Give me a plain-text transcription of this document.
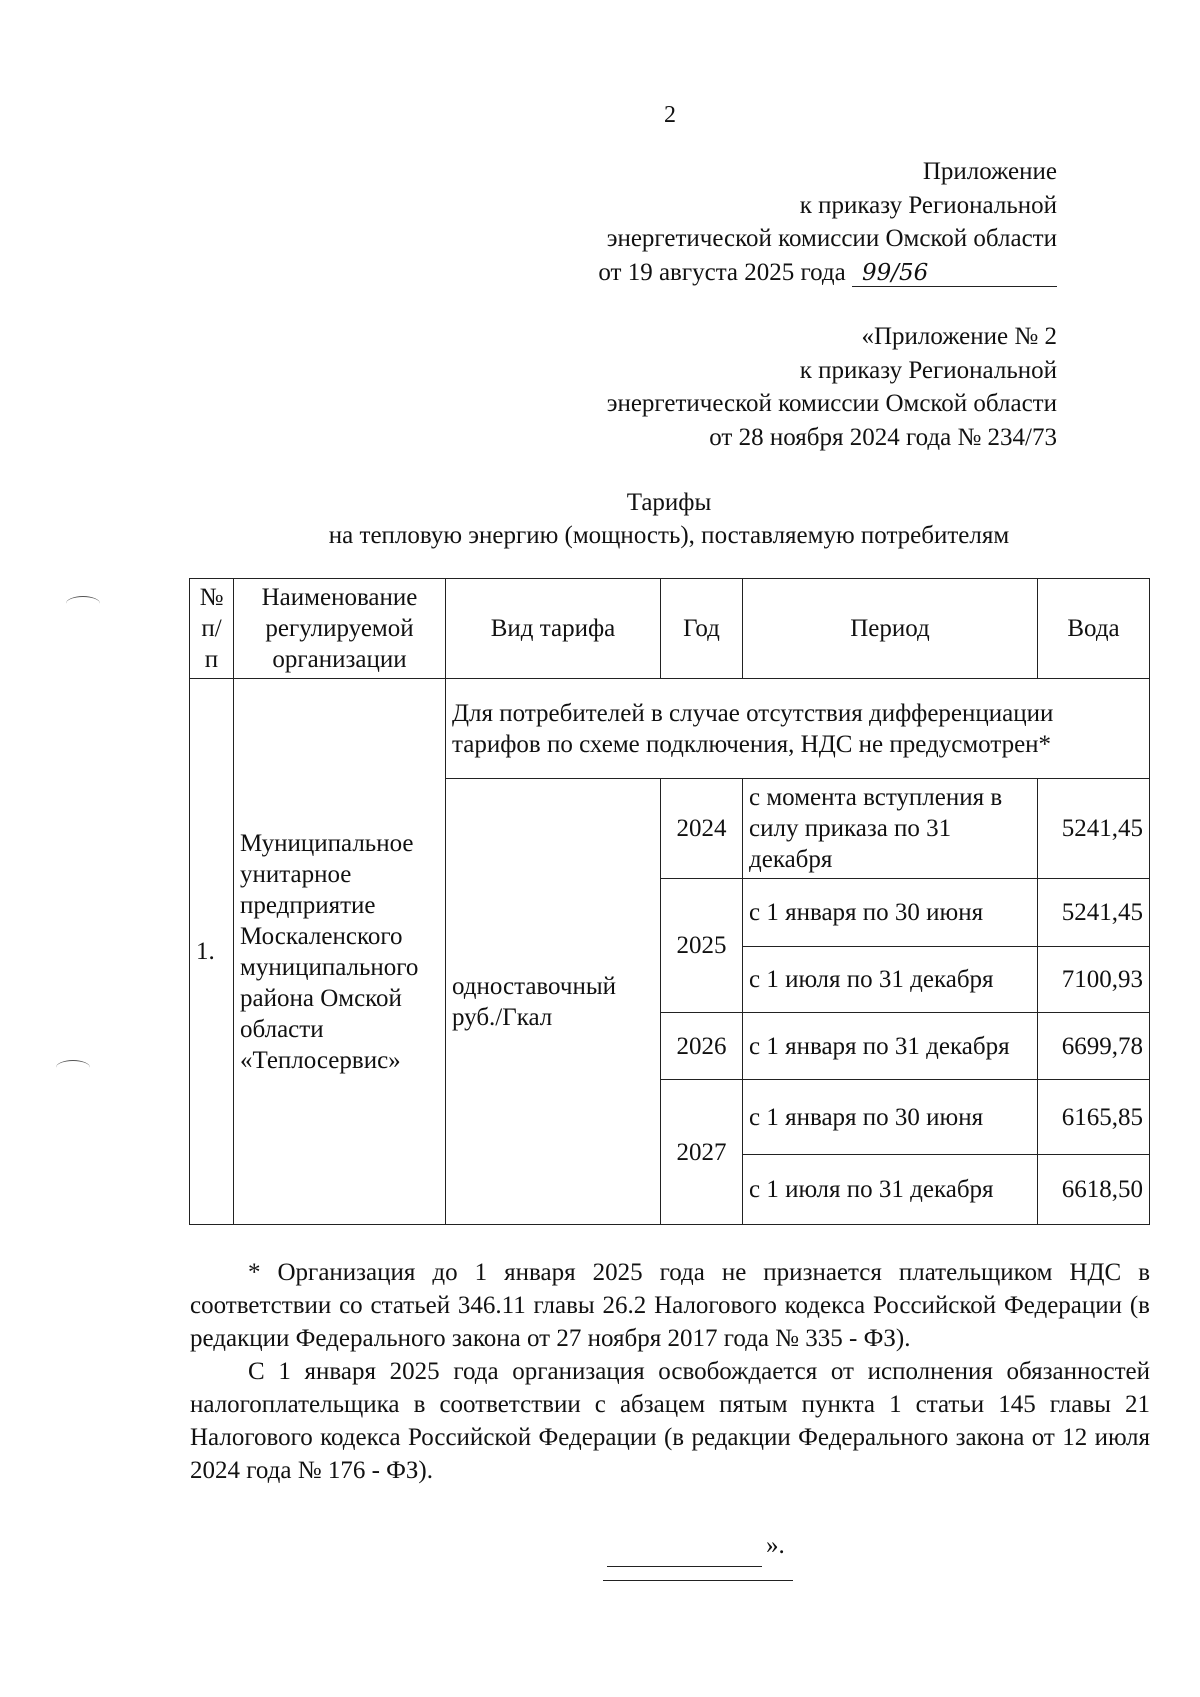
2
Приложение
к приказу Региональной
энергетической комиссии Омской области
от 19 августа 2025 года 99/56
«Приложение № 2
к приказу Региональной
энергетической комиссии Омской области
от 28 ноября 2024 года № 234/73
Тарифы
на тепловую энергию (мощность), поставляемую потребителям
№ п/п	Наименование регулируемой организации	Вид тарифа	Год	Период	Вода
1.	Муниципальное унитарное предприятие Москаленского муниципального района Омской области «Теплосервис»	Для потребителей в случае отсутствия дифференциации тарифов по схеме подключения, НДС не предусмотрен*			
		одноставочный руб./Гкал	2024	с момента вступления в силу приказа по 31 декабря	5241,45
			2025	с 1 января по 30 июня	5241,45
				с 1 июля по 31 декабря	7100,93
			2026	с 1 января по 31 декабря	6699,78
			2027	с 1 января по 30 июня	6165,85
				с 1 июля по 31 декабря	6618,50

* Организация до 1 января 2025 года не признается плательщиком НДС в соответствии со статьей 346.11 главы 26.2 Налогового кодекса Российской Федерации (в редакции Федерального закона от 27 ноября 2017 года № 335 - ФЗ).

С 1 января 2025 года организация освобождается от исполнения обязанностей налогоплательщика в соответствии с абзацем пятым пункта 1 статьи 145 главы 21 Налогового кодекса Российской Федерации (в редакции Федерального закона от 12 июля 2024 года № 176 - ФЗ).

».
